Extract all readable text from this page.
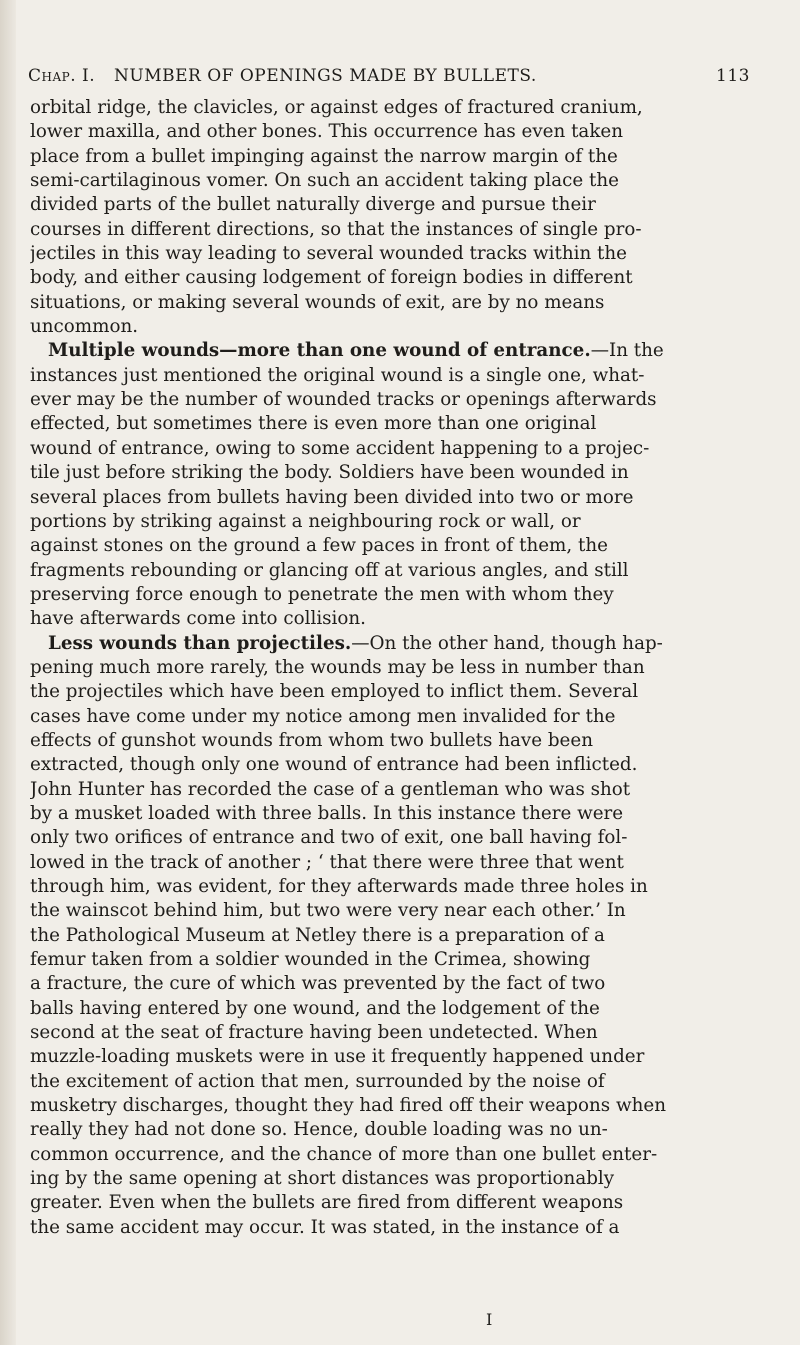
Chap. I. NUMBER OF OPENINGS MADE BY BULLETS.	113
orbital ridge, the clavicles, or against edges of fractured cranium,
lower maxilla, and other bones. This occurrence has even taken
place from a bullet impinging against the narrow margin of the
semi-cartilaginous vomer. On such an accident taking place the
divided parts of the bullet naturally diverge and pursue their
courses in different directions, so that the instances of single pro-
jectiles in this way leading to several wounded tracks within the
body, and either causing lodgement of foreign bodies in different
situations, or making several wounds of exit, are by no means
uncommon.
Multiple wounds—more than one wound of entrance.—In the
instances just mentioned the original wound is a single one, what-
ever may be the number of wounded tracks or openings afterwards
effected, but sometimes there is even more than one original
wound of entrance, owing to some accident happening to a projec-
tile just before striking the body. Soldiers have been wounded in
several places from bullets having been divided into two or more
portions by striking against a neighbouring rock or wall, or
against stones on the ground a few paces in front of them, the
fragments rebounding or glancing off at various angles, and still
preserving force enough to penetrate the men with whom they
have afterwards come into collision.
Less wounds than projectiles.—On the other hand, though hap-
pening much more rarely, the wounds may be less in number than
the projectiles which have been employed to inflict them. Several
cases have come under my notice among men invalided for the
effects of gunshot wounds from whom two bullets have been
extracted, though only one wound of entrance had been inflicted.
John Hunter has recorded the case of a gentleman who was shot
by a musket loaded with three balls. In this instance there were
only two orifices of entrance and two of exit, one ball having fol-
lowed in the track of another ; ‘ that there were three that went
through him, was evident, for they afterwards made three holes in
the wainscot behind him, but two were very near each other.’ In
the Pathological Museum at Netley there is a preparation of a
femur taken from a soldier wounded in the Crimea, showing
a fracture, the cure of which was prevented by the fact of two
balls having entered by one wound, and the lodgement of the
second at the seat of fracture having been undetected. When
muzzle-loading muskets were in use it frequently happened under
the excitement of action that men, surrounded by the noise of
musketry discharges, thought they had fired off their weapons when
really they had not done so. Hence, double loading was no un-
common occurrence, and the chance of more than one bullet enter-
ing by the same opening at short distances was proportionably
greater. Even when the bullets are fired from different weapons
the same accident may occur. It was stated, in the instance of a
I
